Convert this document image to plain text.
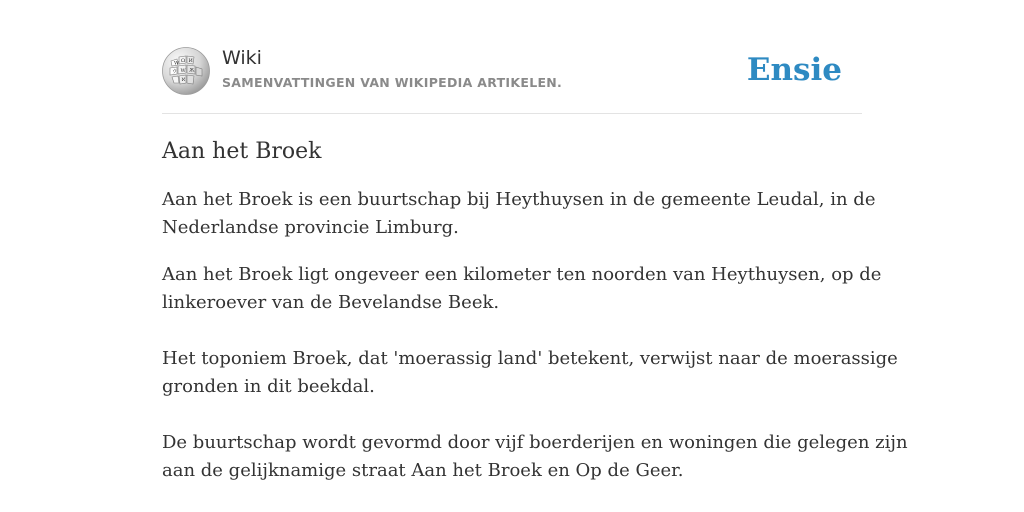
W Ω И
W Ѫ
ウ
ℵ
Wiki
SAMENVATTINGEN VAN WIKIPEDIA ARTIKELEN.	Ensie
Aan het Broek

Aan het Broek is een buurtschap bij Heythuysen in de gemeente Leudal, in de
Nederlandse provincie Limburg.

Aan het Broek ligt ongeveer een kilometer ten noorden van Heythuysen, op de
linkeroever van de Bevelandse Beek.

Het toponiem Broek, dat 'moerassig land' betekent, verwijst naar de moerassige
gronden in dit beekdal.

De buurtschap wordt gevormd door vijf boerderijen en woningen die gelegen zijn
aan de gelijknamige straat Aan het Broek en Op de Geer.
